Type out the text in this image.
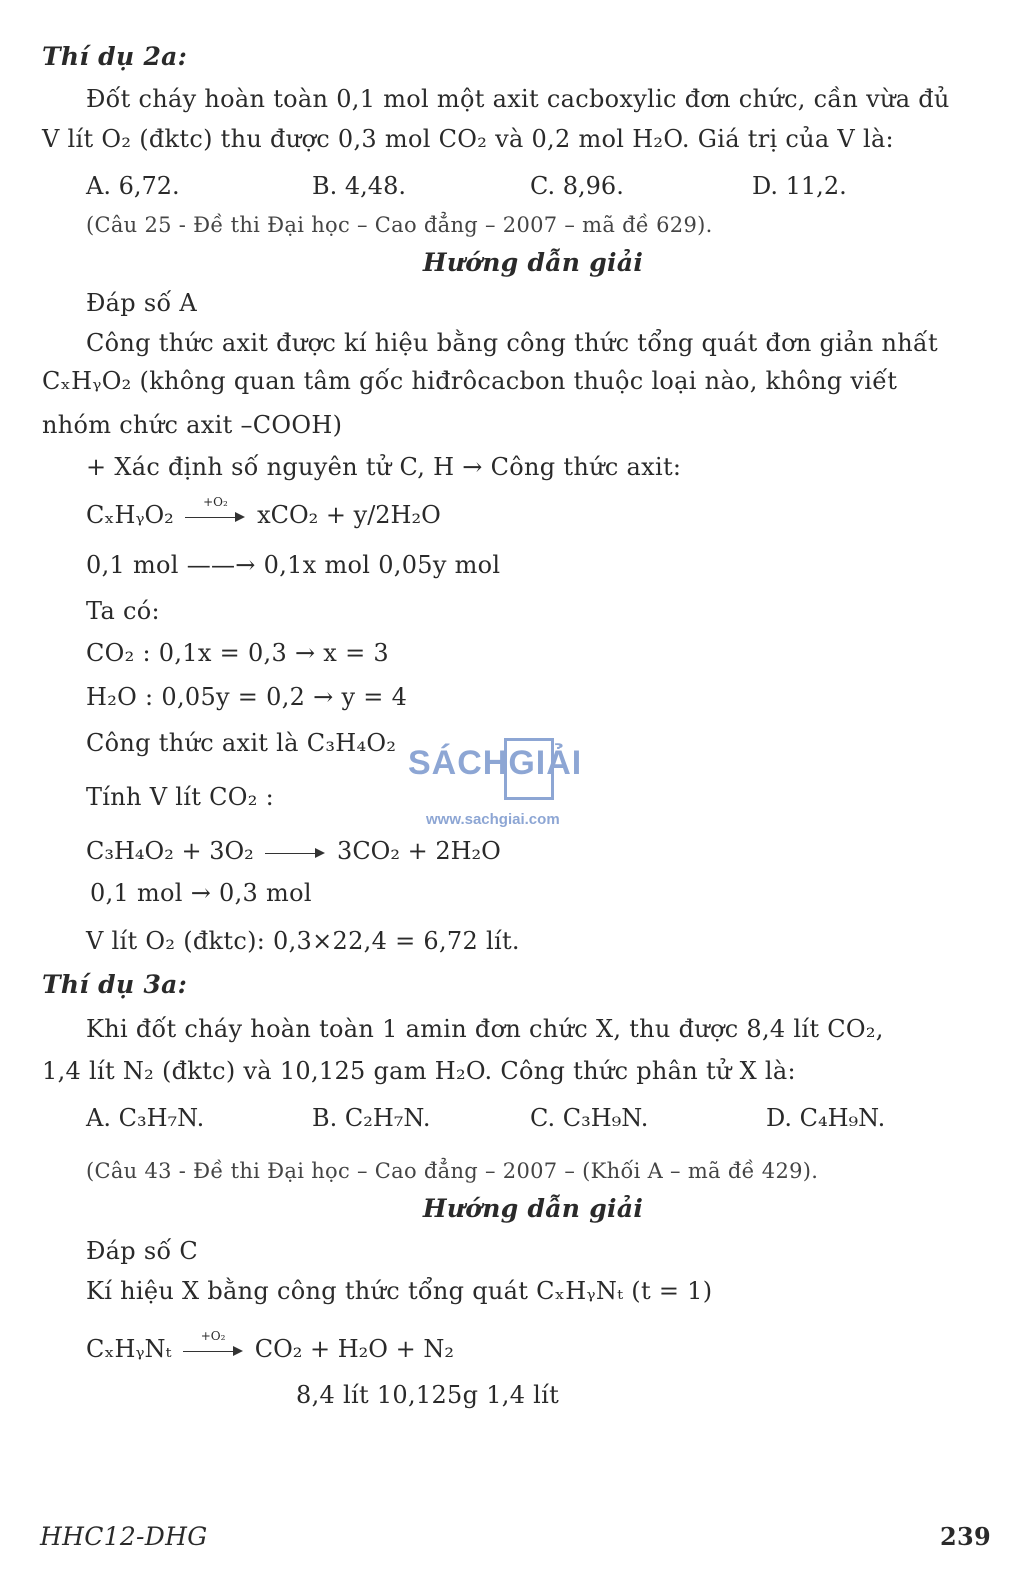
Thí dụ 2a:
Đốt cháy hoàn toàn 0,1 mol một axit cacboxylic đơn chức, cần vừa đủ
V lít O₂ (đktc) thu được 0,3 mol CO₂ và 0,2 mol H₂O. Giá trị của V là:
A. 6,72.	B. 4,48.	C. 8,96.	D. 11,2.
(Câu 25 - Đề thi Đại học – Cao đẳng – 2007 – mã đề 629).
Hướng dẫn giải
Đáp số A
Công thức axit được kí hiệu bằng công thức tổng quát đơn giản nhất
CₓHᵧO₂ (không quan tâm gốc hiđrôcacbon thuộc loại nào, không viết
nhóm chức axit –COOH)
+ Xác định số nguyên tử C, H → Công thức axit:
CₓHᵧO₂	+O₂	xCO₂ + y/2H₂O
0,1 mol ——→ 0,1x mol 0,05y mol
Ta có:
CO₂ : 0,1x = 0,3 → x = 3
H₂O : 0,05y = 0,2 → y = 4
Công thức axit là C₃H₄O₂
Tính V lít CO₂ :
C₃H₄O₂ + 3O₂	3CO₂ + 2H₂O
0,1 mol → 0,3 mol
V lít O₂ (đktc): 0,3×22,4 = 6,72 lít.
Thí dụ 3a:
Khi đốt cháy hoàn toàn 1 amin đơn chức X, thu được 8,4 lít CO₂,
1,4 lít N₂ (đktc) và 10,125 gam H₂O. Công thức phân tử X là:
A. C₃H₇N.	B. C₂H₇N.	C. C₃H₉N.	D. C₄H₉N.
(Câu 43 - Đề thi Đại học – Cao đẳng – 2007 – (Khối A – mã đề 429).
Hướng dẫn giải
Đáp số C
Kí hiệu X bằng công thức tổng quát CₓHᵧNₜ (t = 1)
CₓHᵧNₜ	+O₂	CO₂ + H₂O + N₂
8,4 lít 10,125g 1,4 lít
SÁCHGIẢI
www.sachgiai.com
HHC12-DHG	239
